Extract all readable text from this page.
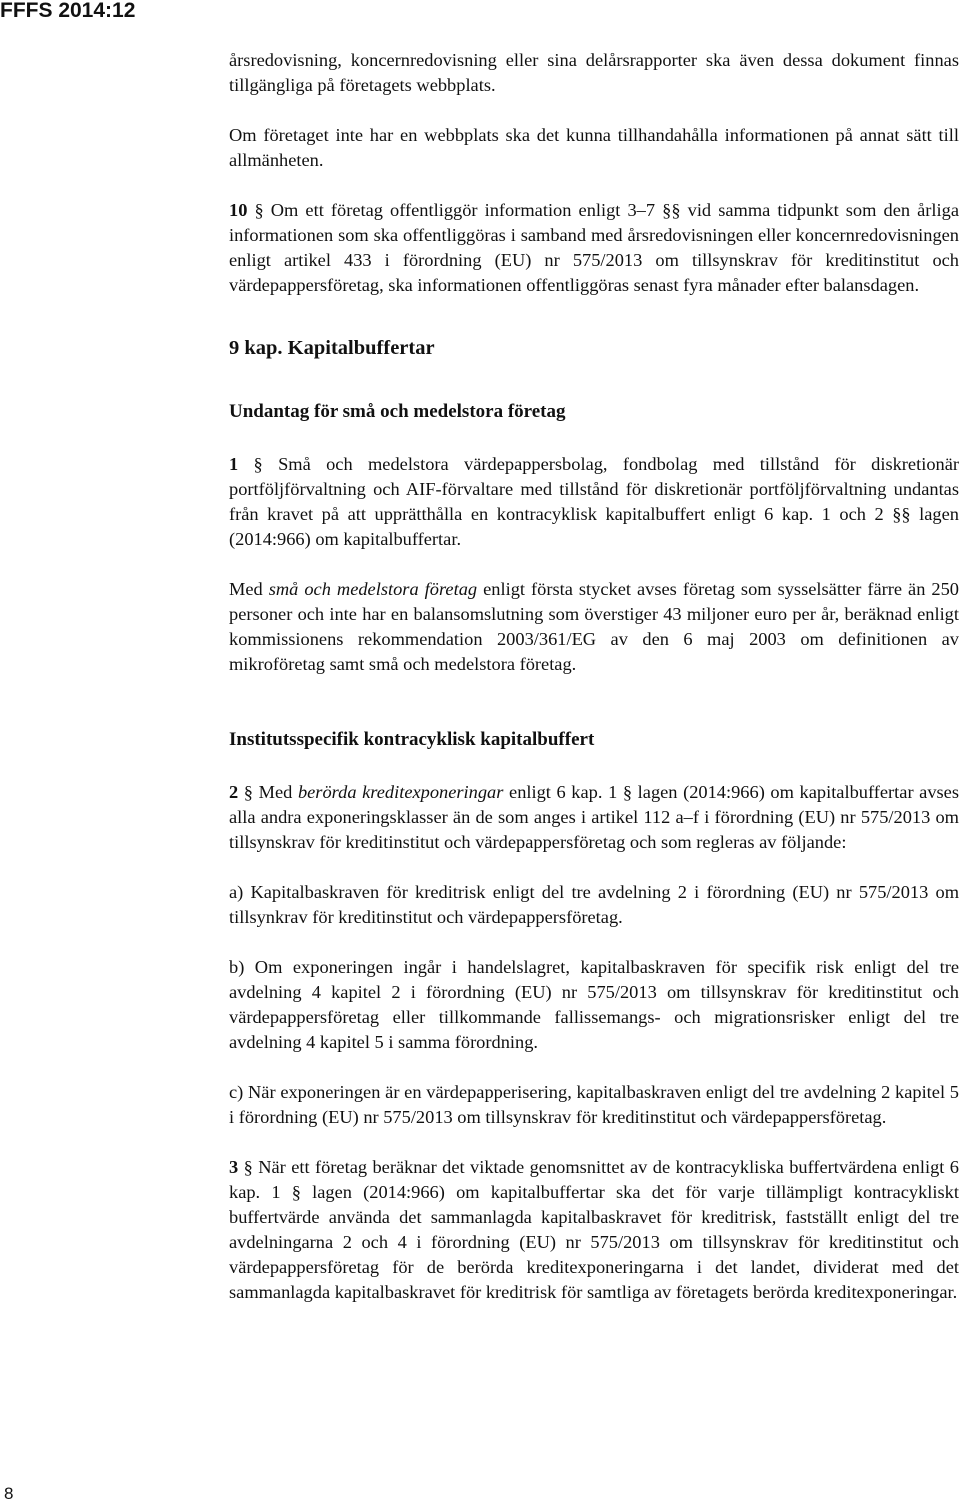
FFFS 2014:12

årsredovisning, koncernredovisning eller sina delårsrapporter ska även dessa dokument finnas tillgängliga på företagets webbplats.

Om företaget inte har en webbplats ska det kunna tillhandahålla informationen på annat sätt till allmänheten.

10 § Om ett företag offentliggör information enligt 3–7 §§ vid samma tidpunkt som den årliga informationen som ska offentliggöras i samband med årsredovisningen eller koncernredovisningen enligt artikel 433 i förordning (EU) nr 575/2013 om tillsynskrav för kreditinstitut och värdepappersföretag, ska informationen offentliggöras senast fyra månader efter balansdagen.

9 kap. Kapitalbuffertar

Undantag för små och medelstora företag

1 § Små och medelstora värdepappersbolag, fondbolag med tillstånd för diskretionär portföljförvaltning och AIF-förvaltare med tillstånd för diskretionär portföljförvaltning undantas från kravet på att upprätthålla en kontracyklisk kapitalbuffert enligt 6 kap. 1 och 2 §§ lagen (2014:966) om kapitalbuffertar.

Med små och medelstora företag enligt första stycket avses företag som sysselsätter färre än 250 personer och inte har en balansomslutning som överstiger 43 miljoner euro per år, beräknad enligt kommissionens rekommendation 2003/361/EG av den 6 maj 2003 om definitionen av mikroföretag samt små och medelstora företag.

Institutsspecifik kontracyklisk kapitalbuffert

2 § Med berörda kreditexponeringar enligt 6 kap. 1 § lagen (2014:966) om kapitalbuffertar avses alla andra exponeringsklasser än de som anges i artikel 112 a–f i förordning (EU) nr 575/2013 om tillsynskrav för kreditinstitut och värdepappersföretag och som regleras av följande:

a) Kapitalbaskraven för kreditrisk enligt del tre avdelning 2 i förordning (EU) nr 575/2013 om tillsynkrav för kreditinstitut och värdepappersföretag.

b) Om exponeringen ingår i handelslagret, kapitalbaskraven för specifik risk enligt del tre avdelning 4 kapitel 2 i förordning (EU) nr 575/2013 om tillsynskrav för kreditinstitut och värdepappersföretag eller tillkommande fallissemangs- och migrationsrisker enligt del tre avdelning 4 kapitel 5 i samma förordning.

c) När exponeringen är en värdepapperisering, kapitalbaskraven enligt del tre avdelning 2 kapitel 5 i förordning (EU) nr 575/2013 om tillsynskrav för kreditinstitut och värdepappersföretag.

3 § När ett företag beräknar det viktade genomsnittet av de kontracykliska buffertvärdena enligt 6 kap. 1 § lagen (2014:966) om kapitalbuffertar ska det för varje tillämpligt kontracykliskt buffertvärde använda det sammanlagda kapitalbaskravet för kreditrisk, fastställt enligt del tre avdelningarna 2 och 4 i förordning (EU) nr 575/2013 om tillsynskrav för kreditinstitut och värdepappersföretag för de berörda kreditexponeringarna i det landet, dividerat med det sammanlagda kapitalbaskravet för kreditrisk för samtliga av företagets berörda kreditexponeringar.

8
